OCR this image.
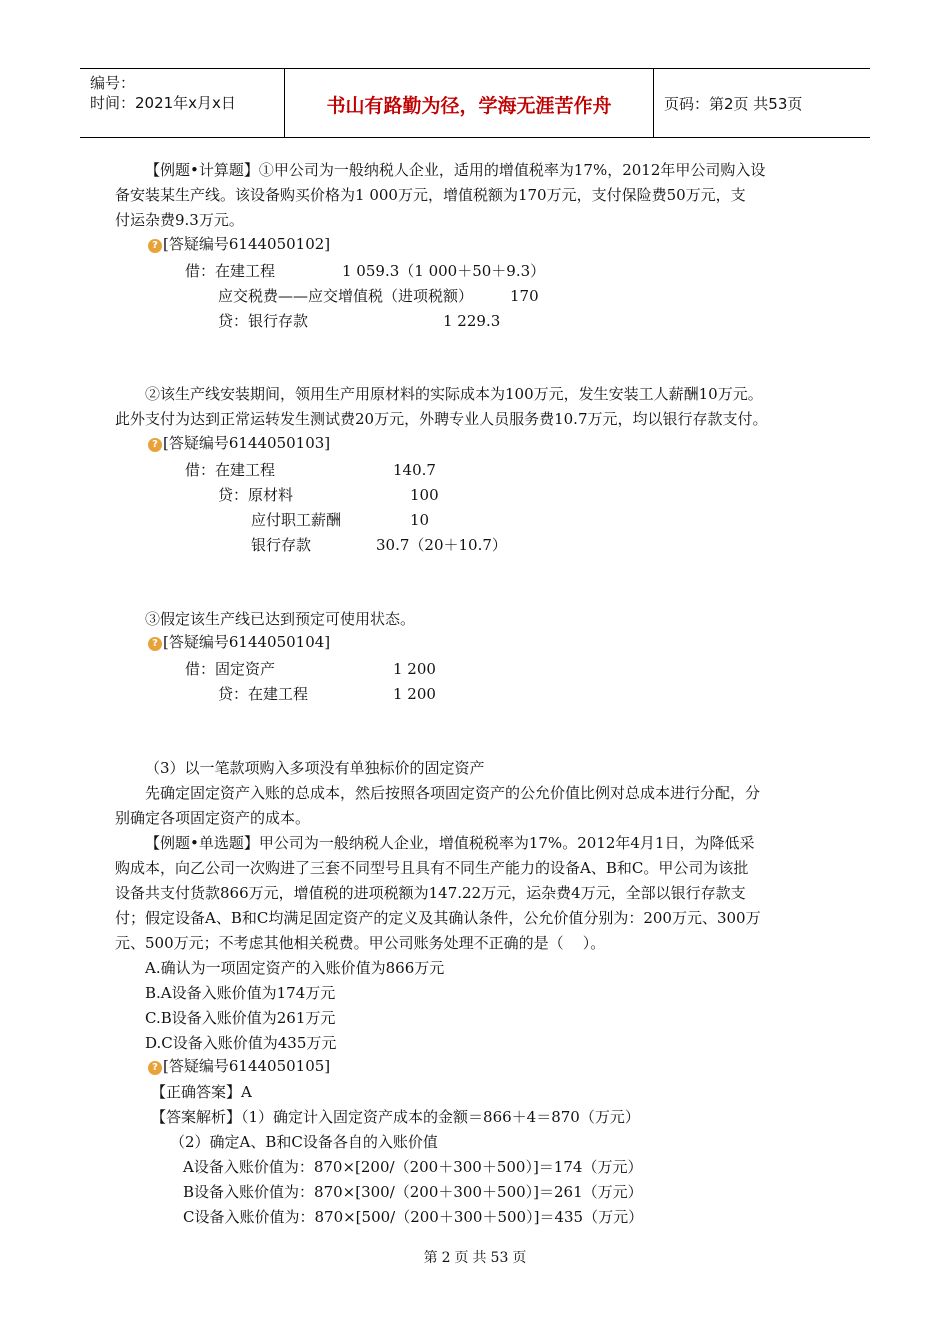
编号：
时间：2021年x月x日	书山有路勤为径，学海无涯苦作舟	页码：第2页 共53页
【例题•计算题】①甲公司为一般纳税人企业，适用的增值税率为17%，2012年甲公司购入设
备安装某生产线。该设备购买价格为1 000万元，增值税额为170万元，支付保险费50万元，支
付运杂费9.3万元。
? [答疑编号6144050102]
借：在建工程	1 059.3（1 000＋50＋9.3）
应交税费——应交增值税（进项税额） 170
贷：银行存款	1 229.3
②该生产线安装期间，领用生产用原材料的实际成本为100万元，发生安装工人薪酬10万元。
此外支付为达到正常运转发生测试费20万元，外聘专业人员服务费10.7万元，均以银行存款支付。
? [答疑编号6144050103]
借：在建工程	140.7
贷：原材料	100
应付职工薪酬	10
银行存款	30.7（20＋10.7）
③假定该生产线已达到预定可使用状态。
? [答疑编号6144050104]
借：固定资产	1 200
贷：在建工程	1 200
（3）以一笔款项购入多项没有单独标价的固定资产
先确定固定资产入账的总成本，然后按照各项固定资产的公允价值比例对总成本进行分配，分
别确定各项固定资产的成本。
【例题•单选题】甲公司为一般纳税人企业，增值税税率为17%。2012年4月1日，为降低采
购成本，向乙公司一次购进了三套不同型号且具有不同生产能力的设备A、B和C。甲公司为该批
设备共支付货款866万元，增值税的进项税额为147.22万元，运杂费4万元，全部以银行存款支
付；假定设备A、B和C均满足固定资产的定义及其确认条件，公允价值分别为：200万元、300万
元、500万元；不考虑其他相关税费。甲公司账务处理不正确的是（    ）。
A.确认为一项固定资产的入账价值为866万元
B.A设备入账价值为174万元
C.B设备入账价值为261万元
D.C设备入账价值为435万元
? [答疑编号6144050105]
【正确答案】A
【答案解析】（1）确定计入固定资产成本的金额＝866＋4＝870（万元）
（2）确定A、B和C设备各自的入账价值
A设备入账价值为：870×[200/（200＋300＋500）]＝174（万元）
B设备入账价值为：870×[300/（200＋300＋500）]＝261（万元）
C设备入账价值为：870×[500/（200＋300＋500）]＝435（万元）
第 2 页 共 53 页
